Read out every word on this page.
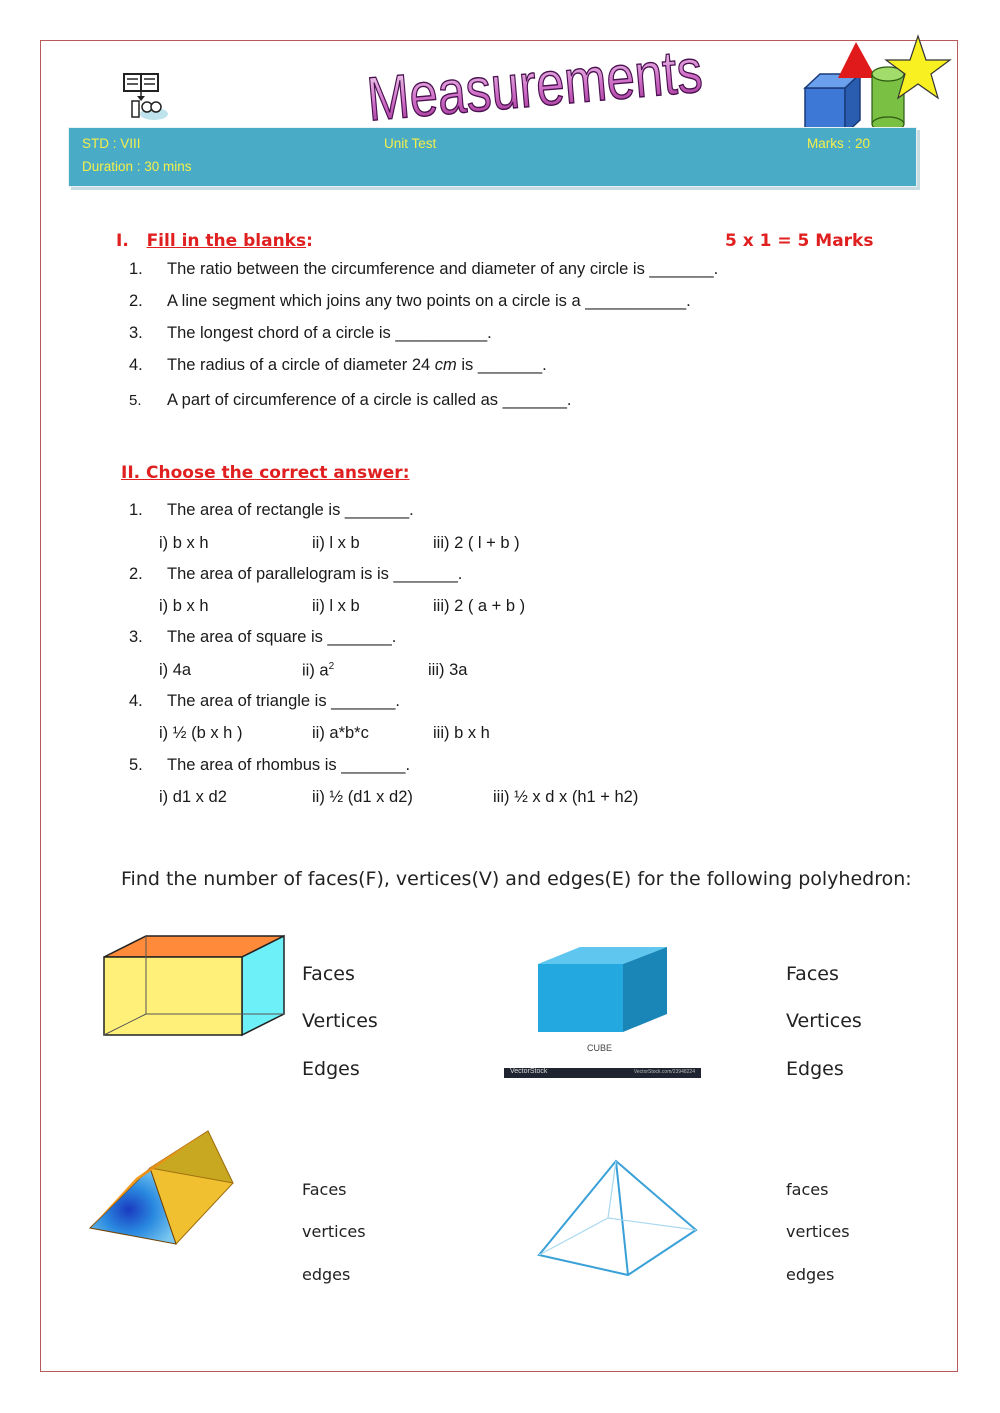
Measurements
STD : VIII	Unit Test	Marks : 20
Duration : 30 mins
I. Fill in the blanks:	5 x 1 = 5 Marks
1. The ratio between the circumference and diameter of any circle is _______.
2. A line segment which joins any two points on a circle is a ___________.
3. The longest chord of a circle is __________.
4. The radius of a circle of diameter 24 cm is _______.
5. A part of circumference of a circle is called as _______.
II. Choose the correct answer:
1. The area of rectangle is _______.
i) b x h	ii) l x b	iii) 2 ( l + b )
2. The area of parallelogram is is _______.
i) b x h	ii) l x b	iii) 2 ( a + b )
3. The area of square is _______.
i) 4a	ii) $a^2$	iii) 3a
4. The area of triangle is _______.
i) ½ (b x h )	ii) a*b*c	iii) b x h
5. The area of rhombus is _______.
i) d1 x d2	ii) ½ (d1 x d2)	iii) ½ x d x (h1 + h2)
Find the number of faces(F), vertices(V) and edges(E) for the following polyhedron:
Faces
Vertices
Edges
CUBE
VectorStock	VectorStock.com/23948224
Faces
Vertices
Edges
Faces
vertices
edges
faces
vertices
edges
